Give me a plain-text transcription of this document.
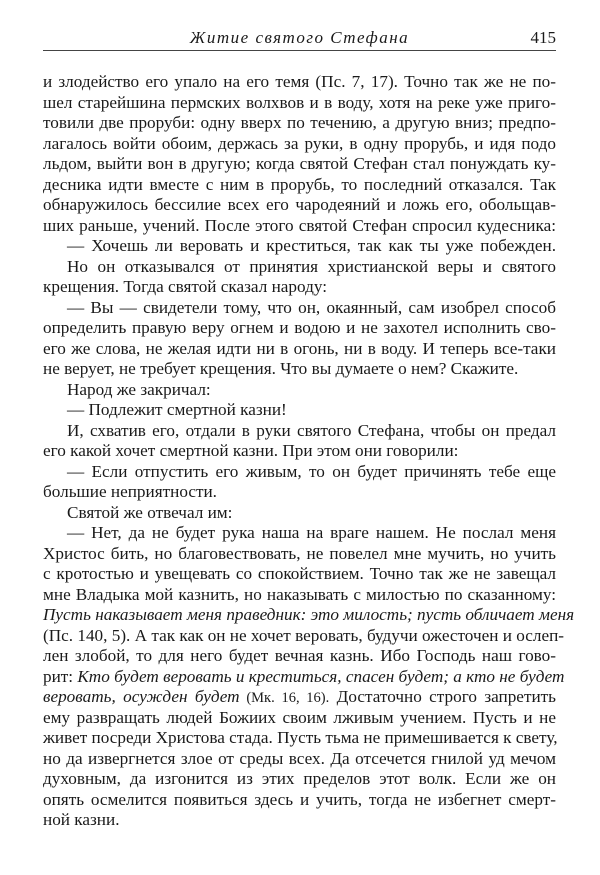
Житие святого Стефана	415
и злодейство его упало на его темя (Пс. 7, 17). Точно так же не по-
шел старейшина пермских волхвов и в воду, хотя на реке уже приго-
товили две проруби: одну вверх по течению, а другую вниз; предпо-
лагалось войти обоим, держась за руки, в одну прорубь, и идя подо
льдом, выйти вон в другую; когда святой Стефан стал понуждать ку-
десника идти вместе с ним в прорубь, то последний отказался. Так
обнаружилось бессилие всех его чародеяний и ложь его, обольщав-
ших раньше, учений. После этого святой Стефан спросил кудесника:
— Хочешь ли веровать и креститься, так как ты уже побежден.
Но он отказывался от принятия христианской веры и святого
крещения. Тогда святой сказал народу:
— Вы — свидетели тому, что он, окаянный, сам изобрел способ
определить правую веру огнем и водою и не захотел исполнить сво-
его же слова, не желая идти ни в огонь, ни в воду. И теперь все-таки
не верует, не требует крещения. Что вы думаете о нем? Скажите.
Народ же закричал:
— Подлежит смертной казни!
И, схватив его, отдали в руки святого Стефана, чтобы он предал
его какой хочет смертной казни. При этом они говорили:
— Если отпустить его живым, то он будет причинять тебе еще
большие неприятности.
Святой же отвечал им:
— Нет, да не будет рука наша на враге нашем. Не послал меня
Христос бить, но благовествовать, не повелел мне мучить, но учить
с кротостью и увещевать со спокойствием. Точно так же не завещал
мне Владыка мой казнить, но наказывать с милостью по сказанному:
Пусть наказывает меня праведник: это милость; пусть обличает меня
(Пс. 140, 5). А так как он не хочет веровать, будучи ожесточен и ослеп-
лен злобой, то для него будет вечная казнь. Ибо Господь наш гово-
рит: Кто будет веровать и креститься, спасен будет; а кто не будет
веровать, осужден будет (Мк. 16, 16). Достаточно строго запретить
ему развращать людей Божиих своим лживым учением. Пусть и не
живет посреди Христова стада. Пусть тьма не примешивается к свету,
но да извергнется злое от среды всех. Да отсечется гнилой уд мечом
духовным, да изгонится из этих пределов этот волк. Если же он
опять осмелится появиться здесь и учить, тогда не избегнет смерт-
ной казни.
